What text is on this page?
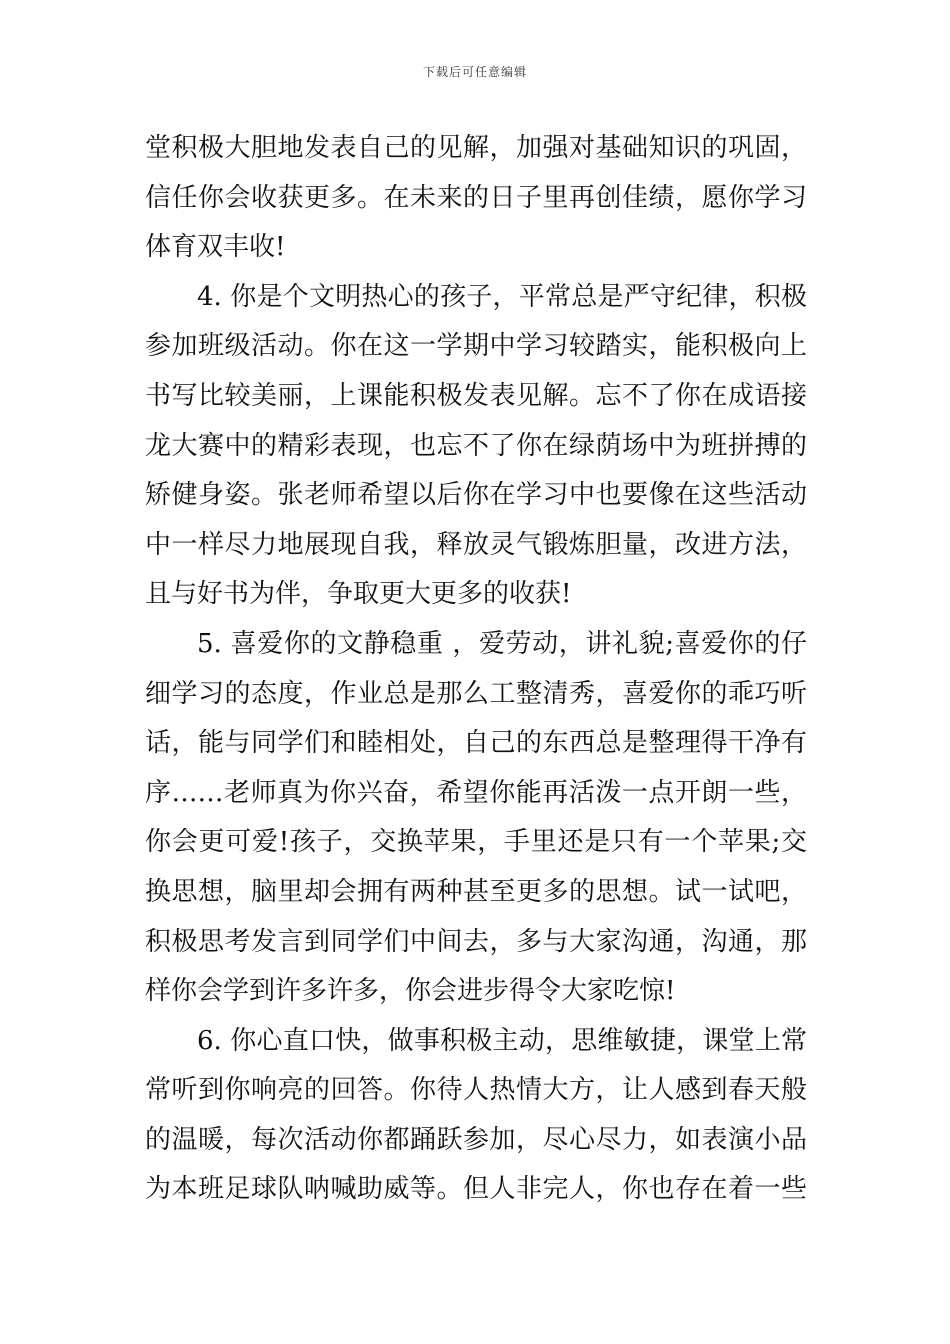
下载后可任意编辑
堂积极大胆地发表自己的见解，加强对基础知识的巩固，
信任你会收获更多。在未来的日子里再创佳绩，愿你学习
体育双丰收!
4. 你是个文明热心的孩子，平常总是严守纪律，积极
参加班级活动。你在这一学期中学习较踏实，能积极向上
书写比较美丽，上课能积极发表见解。忘不了你在成语接
龙大赛中的精彩表现，也忘不了你在绿荫场中为班拼搏的
矫健身姿。张老师希望以后你在学习中也要像在这些活动
中一样尽力地展现自我，释放灵气锻炼胆量，改进方法，
且与好书为伴，争取更大更多的收获!
5. 喜爱你的文静稳重 ，爱劳动，讲礼貌;喜爱你的仔
细学习的态度，作业总是那么工整清秀，喜爱你的乖巧听
话，能与同学们和睦相处，自己的东西总是整理得干净有
序……老师真为你兴奋，希望你能再活泼一点开朗一些，
你会更可爱!孩子，交换苹果，手里还是只有一个苹果;交
换思想，脑里却会拥有两种甚至更多的思想。试一试吧，
积极思考发言到同学们中间去，多与大家沟通，沟通，那
样你会学到许多许多，你会进步得令大家吃惊!
6. 你心直口快，做事积极主动，思维敏捷，课堂上常
常听到你响亮的回答。你待人热情大方，让人感到春天般
的温暖，每次活动你都踊跃参加，尽心尽力，如表演小品
为本班足球队呐喊助威等。但人非完人，你也存在着一些
